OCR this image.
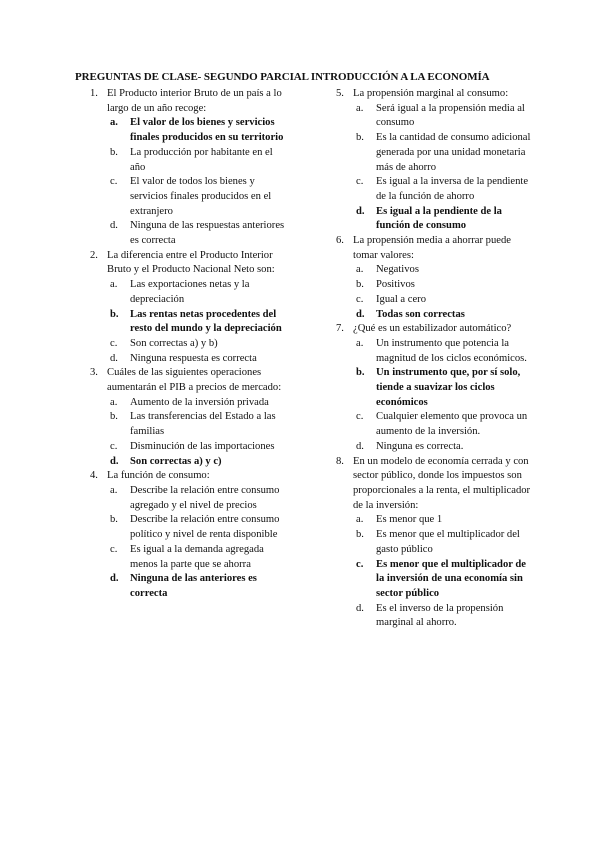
PREGUNTAS DE CLASE- SEGUNDO PARCIAL INTRODUCCIÓN A LA ECONOMÍA
1. El Producto interior Bruto de un país a lo largo de un año recoge:
a. El valor de los bienes y servicios finales producidos en su territorio
b. La producción por habitante en el año
c. El valor de todos los bienes y servicios finales producidos en el extranjero
d. Ninguna de las respuestas anteriores es correcta
2. La diferencia entre el Producto Interior Bruto y el Producto Nacional Neto son:
a. Las exportaciones netas y la depreciación
b. Las rentas netas procedentes del resto del mundo y la depreciación
c. Son correctas a) y b)
d. Ninguna respuesta es correcta
3. Cuáles de las siguientes operaciones aumentarán el PIB a precios de mercado:
a. Aumento de la inversión privada
b. Las transferencias del Estado a las familias
c. Disminución de las importaciones
d. Son correctas a) y c)
4. La función de consumo:
a. Describe la relación entre consumo agregado y el nivel de precios
b. Describe la relación entre consumo político y nivel de renta disponible
c. Es igual a la demanda agregada menos la parte que se ahorra
d. Ninguna de las anteriores es correcta
5. La propensión marginal al consumo:
a. Será igual a la propensión media al consumo
b. Es la cantidad de consumo adicional generada por una unidad monetaria más de ahorro
c. Es igual a la inversa de la pendiente de la función de ahorro
d. Es igual a la pendiente de la función de consumo
6. La propensión media a ahorrar puede tomar valores:
a. Negativos
b. Positivos
c. Igual a cero
d. Todas son correctas
7. ¿Qué es un estabilizador automático?
a. Un instrumento que potencia la magnitud de los ciclos económicos.
b. Un instrumento que, por sí solo, tiende a suavizar los ciclos económicos
c. Cualquier elemento que provoca un aumento de la inversión.
d. Ninguna es correcta.
8. En un modelo de economía cerrada y con sector público, donde los impuestos son proporcionales a la renta, el multiplicador de la inversión:
a. Es menor que 1
b. Es menor que el multiplicador del gasto público
c. Es menor que el multiplicador de la inversión de una economía sin sector público
d. Es el inverso de la propensión marginal al ahorro.
